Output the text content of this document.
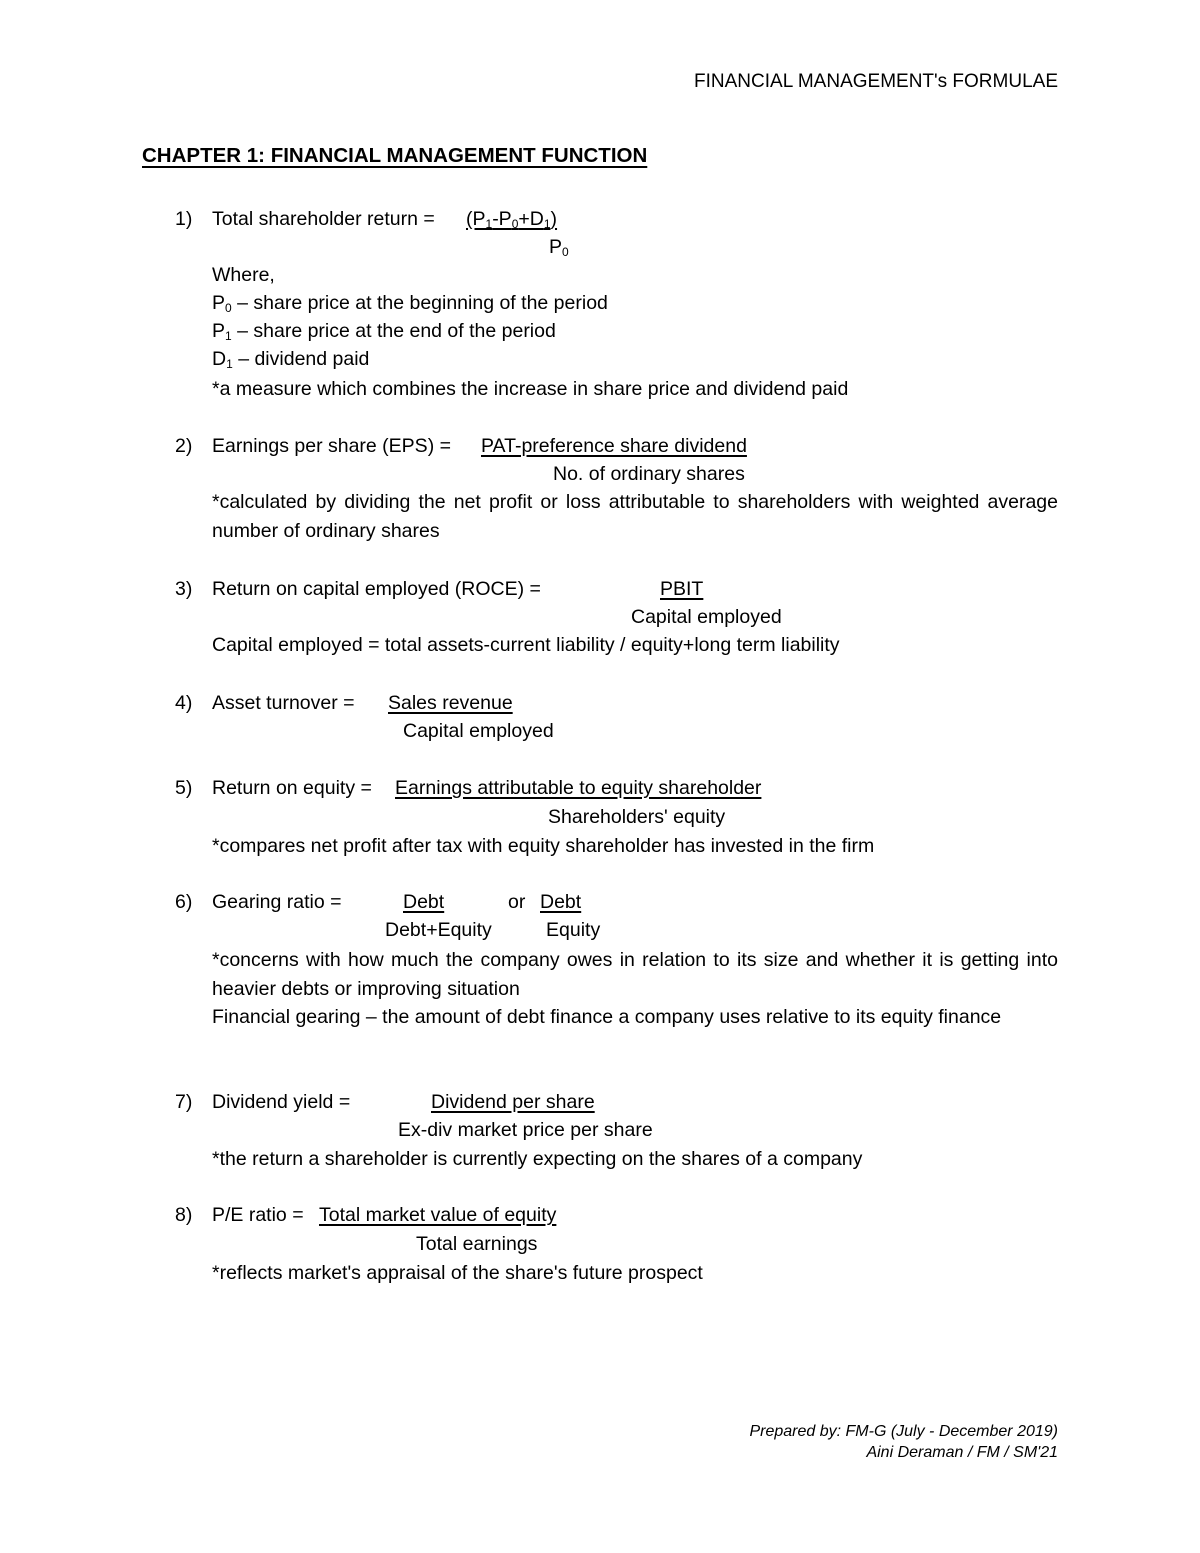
FINANCIAL MANAGEMENT's FORMULAE
CHAPTER 1: FINANCIAL MANAGEMENT FUNCTION
1) Total shareholder return = $(P_1-P_0+D_1)$
$P_0$
Where,
$P_0$ – share price at the beginning of the period
$P_1$ – share price at the end of the period
$D_1$ – dividend paid
*a measure which combines the increase in share price and dividend paid
2) Earnings per share (EPS) = PAT-preference share dividend
No. of ordinary shares
*calculated by dividing the net profit or loss attributable to shareholders with weighted average number of ordinary shares
3) Return on capital employed (ROCE) =	PBIT
Capital employed
Capital employed = total assets-current liability / equity+long term liability
4) Asset turnover = Sales revenue
Capital employed
5) Return on equity = Earnings attributable to equity shareholder
Shareholders' equity
*compares net profit after tax with equity shareholder has invested in the firm
6) Gearing ratio =	Debt
Debt+Equity
or Debt
Equity
*concerns with how much the company owes in relation to its size and whether it is getting into heavier debts or improving situation
Financial gearing – the amount of debt finance a company uses relative to its equity finance
7) Dividend yield =	Dividend per share
Ex-div market price per share
*the return a shareholder is currently expecting on the shares of a company
8) P/E ratio = Total market value of equity
Total earnings
*reflects market's appraisal of the share's future prospect
Prepared by: FM-G (July - December 2019)
Aini Deraman / FM / SM'21
